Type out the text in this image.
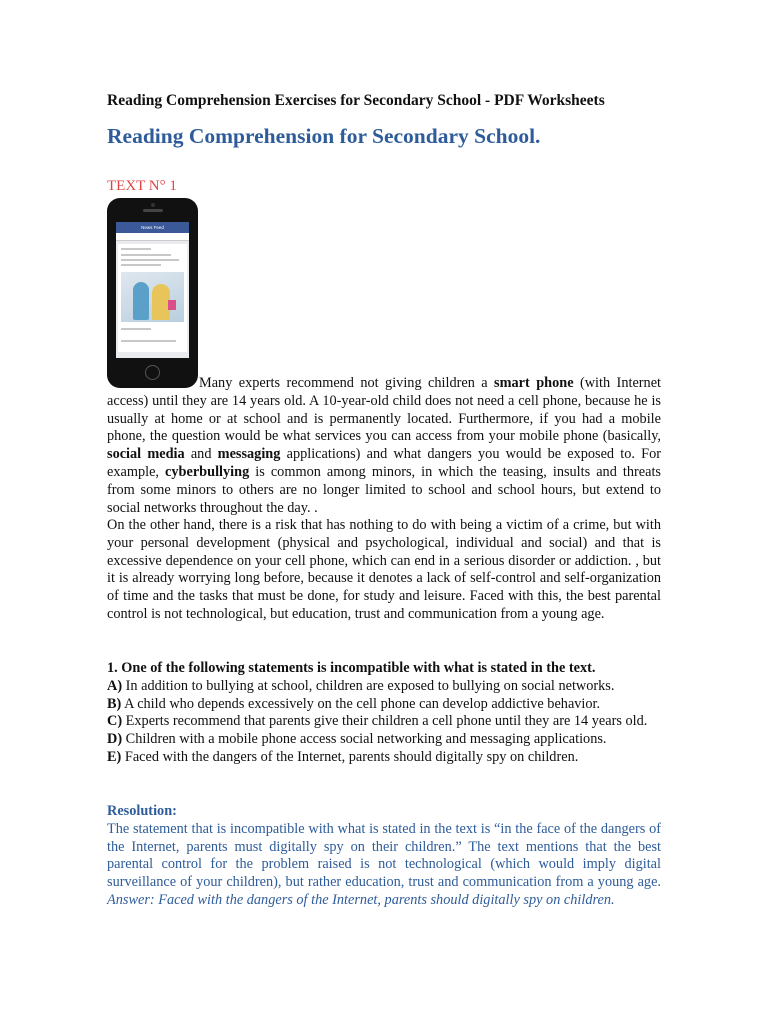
Reading Comprehension Exercises for Secondary School - PDF Worksheets
Reading Comprehension for Secondary School.
TEXT N° 1
News Feed

Many experts recommend not giving children a smart phone (with Internet access) until they are 14 years old. A 10-year-old child does not need a cell phone, because he is usually at home or at school and is permanently located. Furthermore, if you had a mobile phone, the question would be what services you can access from your mobile phone (basically, social media and messaging applications) and what dangers you would be exposed to. For example, cyberbullying is common among minors, in which the teasing, insults and threats from some minors to others are no longer limited to school and school hours, but extend to social networks throughout the day. .

On the other hand, there is a risk that has nothing to do with being a victim of a crime, but with your personal development (physical and psychological, individual and social) and that is excessive dependence on your cell phone, which can end in a serious disorder or addiction. , but it is already worrying long before, because it denotes a lack of self-control and self-organization of time and the tasks that must be done, for study and leisure. Faced with this, the best parental control is not technological, but education, trust and communication from a young age.

1. One of the following statements is incompatible with what is stated in the text.

A) In addition to bullying at school, children are exposed to bullying on social networks.

B) A child who depends excessively on the cell phone can develop addictive behavior.

C) Experts recommend that parents give their children a cell phone until they are 14 years old.

D) Children with a mobile phone access social networking and messaging applications.

E) Faced with the dangers of the Internet, parents should digitally spy on children.

Resolution:

The statement that is incompatible with what is stated in the text is “in the face of the dangers of the Internet, parents must digitally spy on their children.” The text mentions that the best parental control for the problem raised is not technological (which would imply digital surveillance of your children), but rather education, trust and communication from a young age. Answer: Faced with the dangers of the Internet, parents should digitally spy on children.
